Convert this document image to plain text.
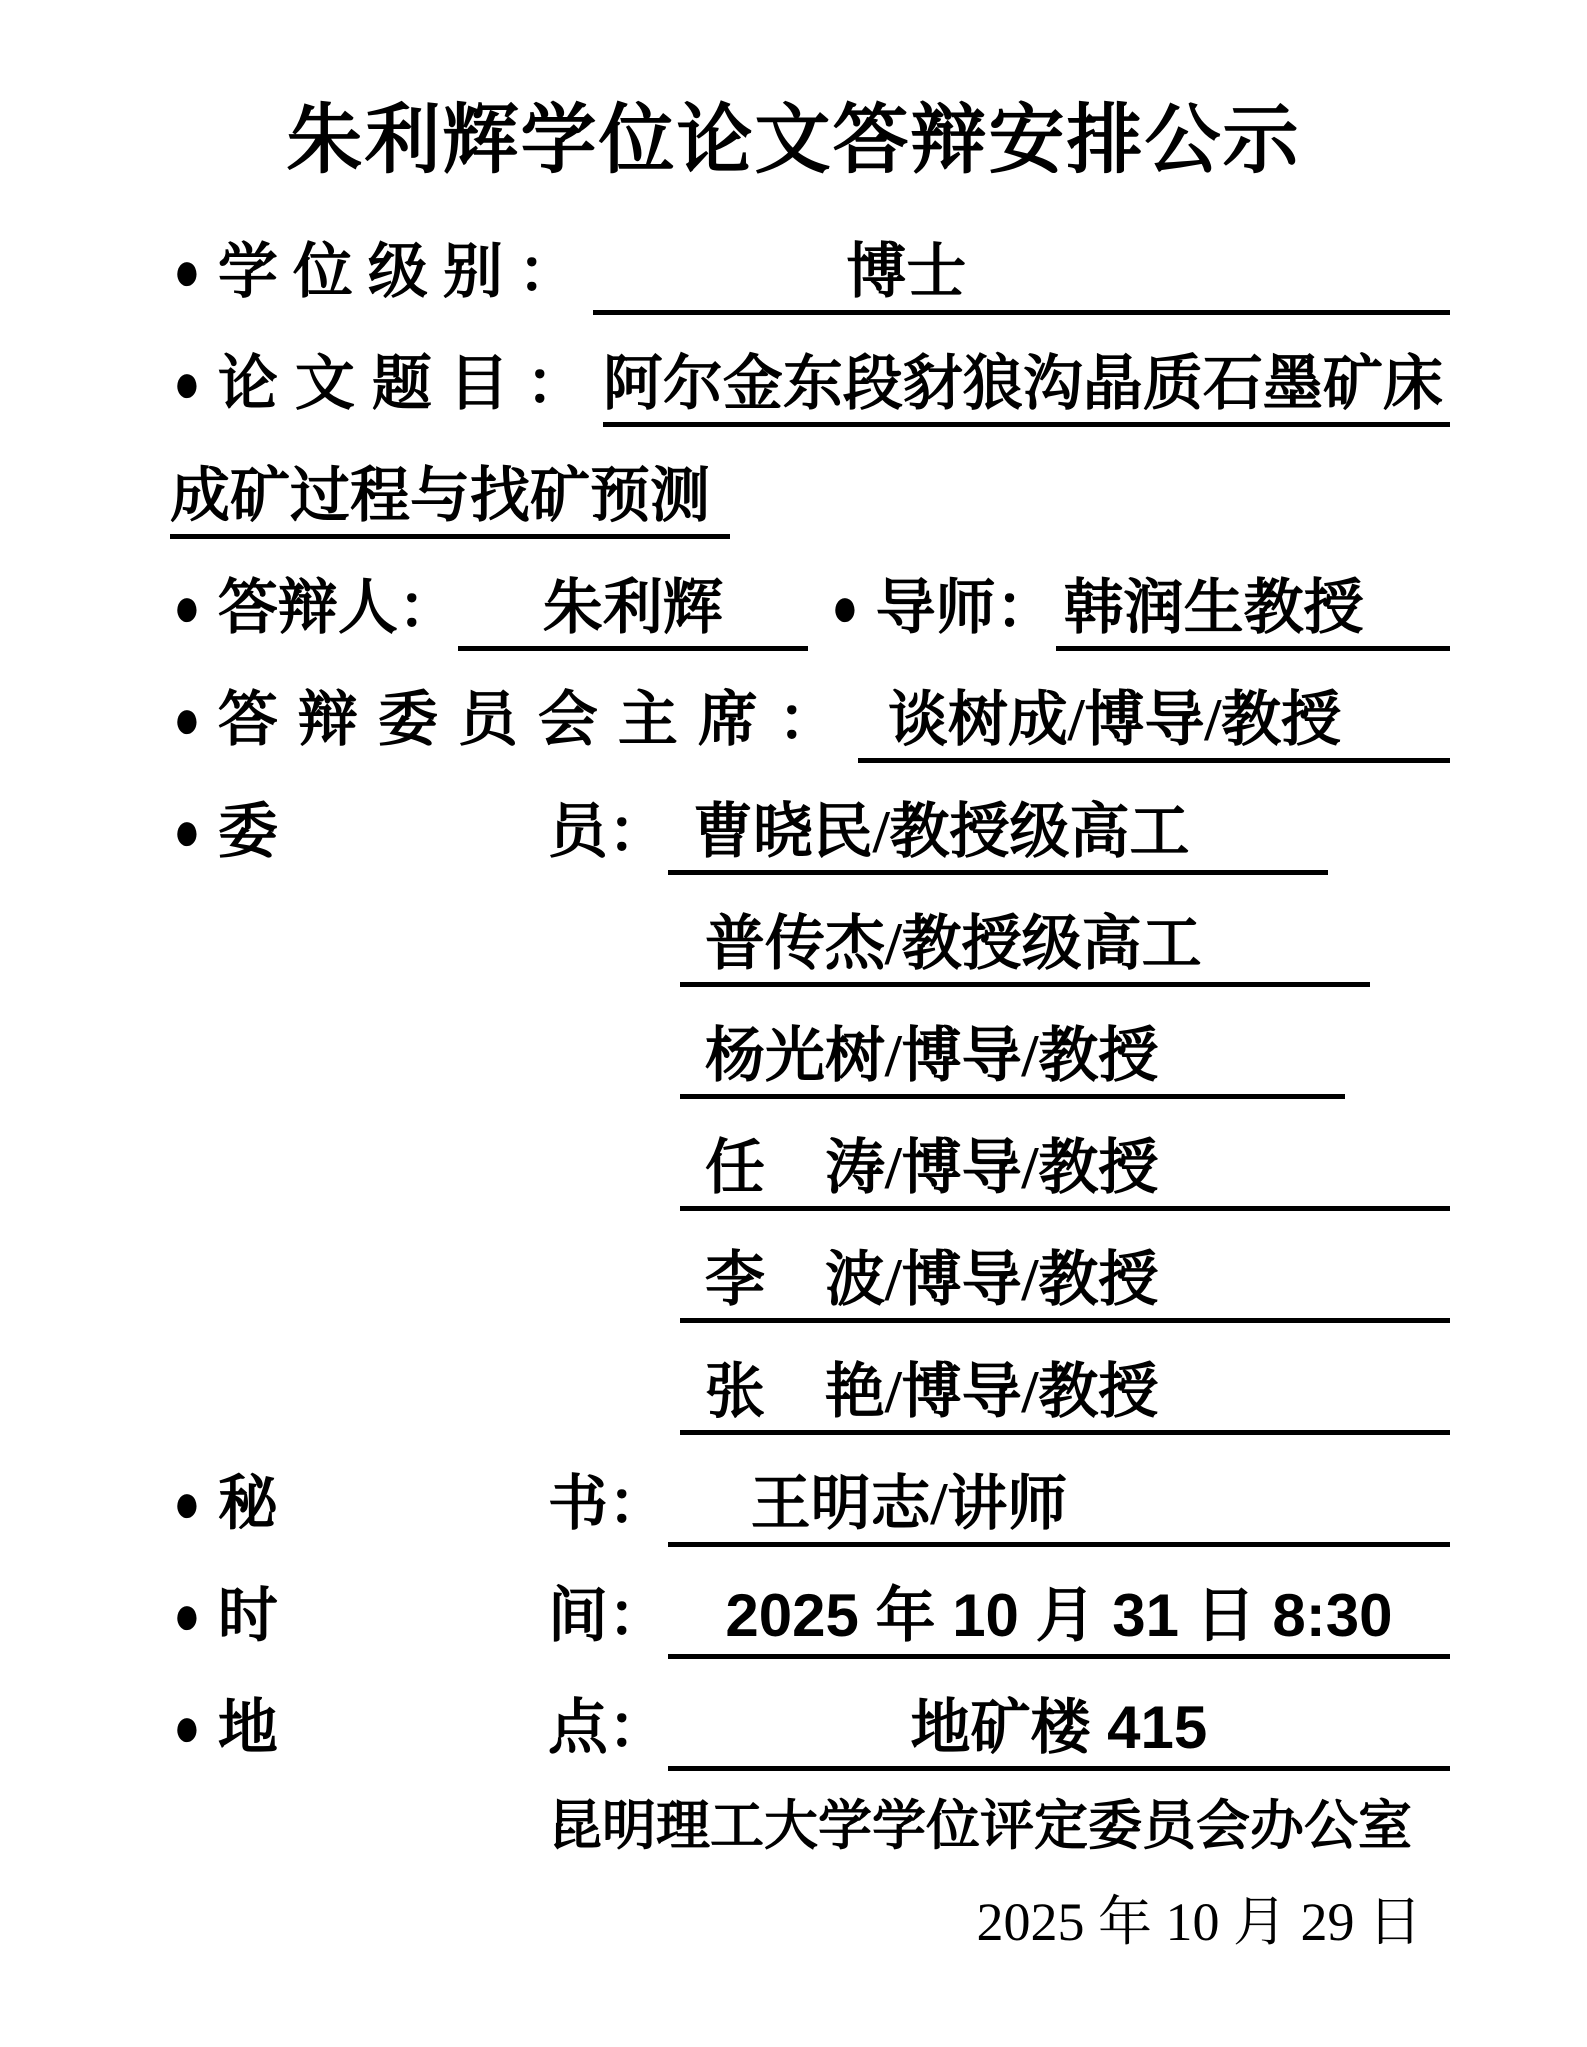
朱利辉学位论文答辩安排公示
● 学位级别：	博士
● 论文题目： 阿尔金东段豺狼沟晶质石墨矿床
成矿过程与找矿预测
● 答辩人：	朱利辉	● 导师： 韩润生教授
● 答辩委员会主席： 谈树成/博导/教授
● 委	员： 曹晓民/教授级高工
普传杰/教授级高工
杨光树/博导/教授
任　涛/博导/教授
李　波/博导/教授
张　艳/博导/教授
● 秘	书：	王明志/讲师
● 时	间： 2025 年 10 月 31 日 8:30
● 地	点：	地矿楼 415
昆明理工大学学位评定委员会办公室
2025 年 10 月 29 日
